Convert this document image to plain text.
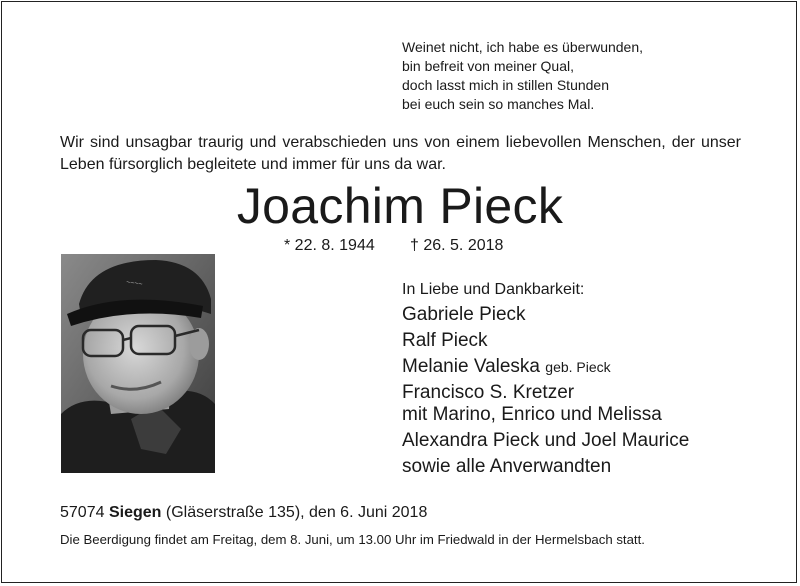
Weinet nicht, ich habe es überwunden,
bin befreit von meiner Qual,
doch lasst mich in stillen Stunden
bei euch sein so manches Mal.
Wir sind unsagbar traurig und verabschieden uns von einem liebevollen Menschen, der unser Leben fürsorglich begleitete und immer für uns da war.
Joachim Pieck
* 22. 8. 1944 † 26. 5. 2018
~~~~	In Liebe und Dankbarkeit:
Gabriele Pieck
Ralf Pieck
Melanie Valeska geb. Pieck
Francisco S. Kretzer
mit Marino, Enrico und Melissa
Alexandra Pieck und Joel Maurice
sowie alle Anverwandten
57074 Siegen (Gläserstraße 135), den 6. Juni 2018
Die Beerdigung findet am Freitag, dem 8. Juni, um 13.00 Uhr im Friedwald in der Hermelsbach statt.
